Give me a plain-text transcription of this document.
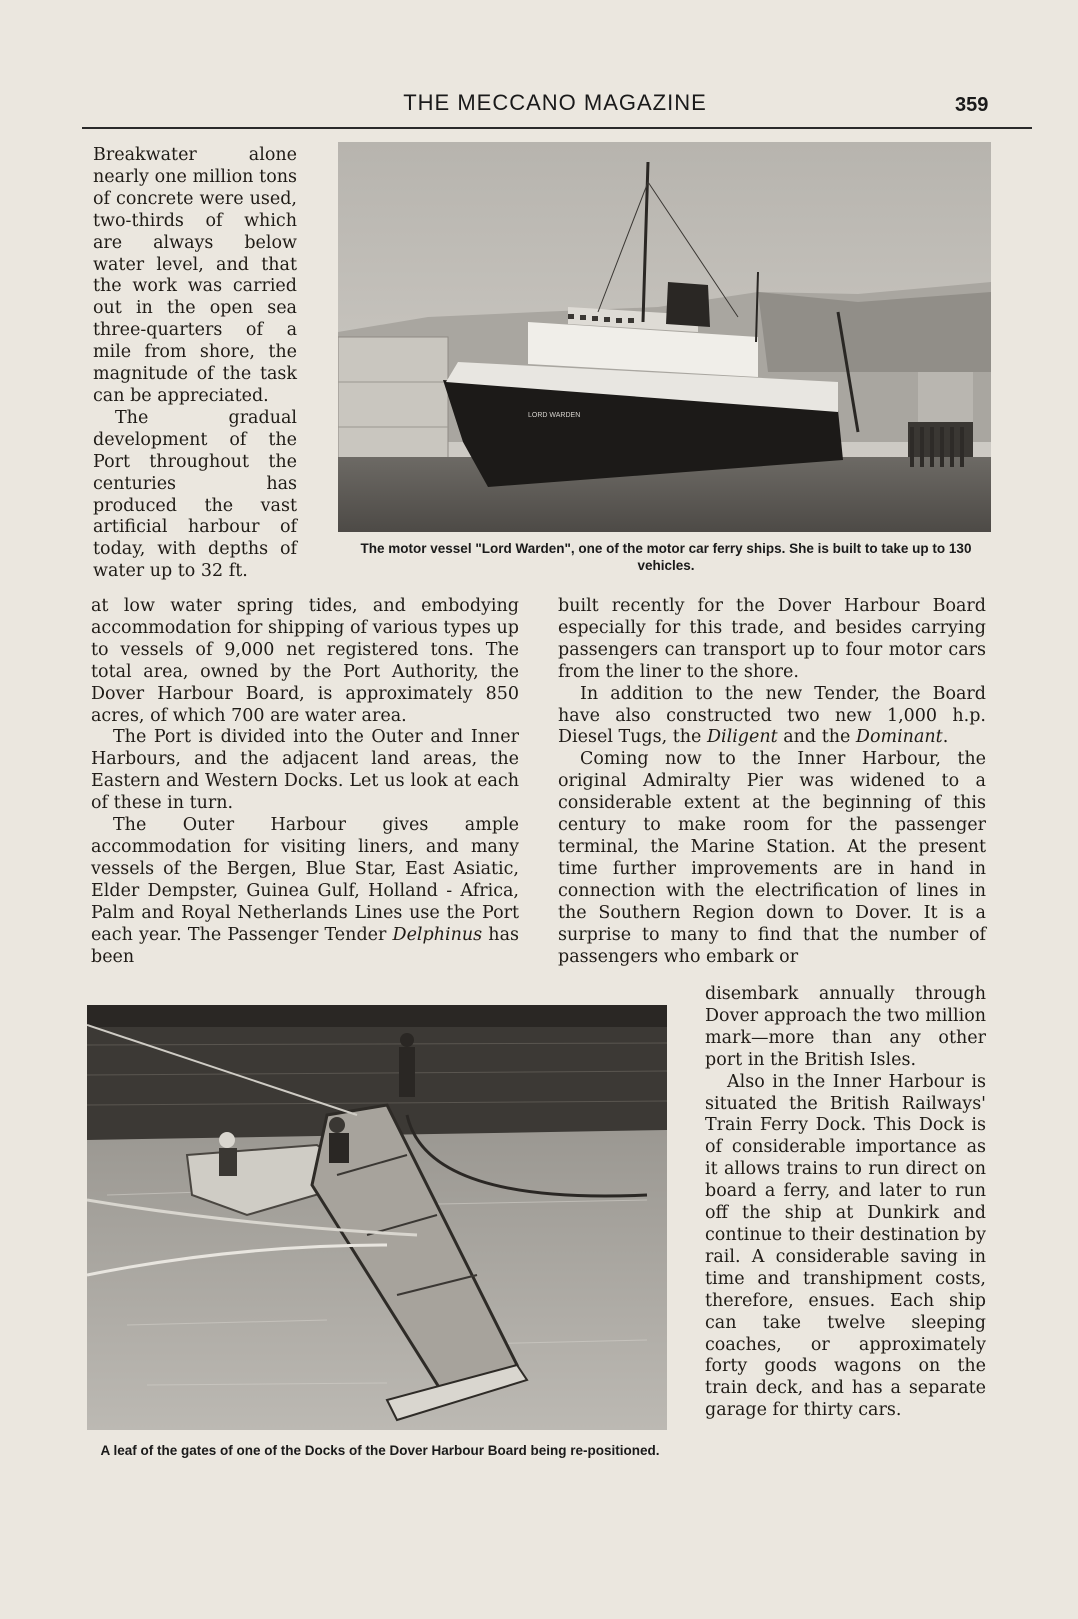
THE MECCANO MAGAZINE	359

Breakwater alone nearly one million tons of concrete were used, two-thirds of which are always below water level, and that the work was carried out in the open sea three-quarters of a mile from shore, the magnitude of the task can be appreciated.

The gradual development of the Port throughout the centuries has produced the vast artificial harbour of today, with depths of water up to 32 ft.

LORD WARDEN
The motor vessel "Lord Warden", one of the motor car ferry ships. She is built to take up to 130 vehicles.

at low water spring tides, and embodying accommodation for shipping of various types up to vessels of 9,000 net registered tons. The total area, owned by the Port Authority, the Dover Harbour Board, is approximately 850 acres, of which 700 are water area.

The Port is divided into the Outer and Inner Harbours, and the adjacent land areas, the Eastern and Western Docks. Let us look at each of these in turn.

The Outer Harbour gives ample accommodation for visiting liners, and many vessels of the Bergen, Blue Star, East Asiatic, Elder Dempster, Guinea Gulf, Holland - Africa, Palm and Royal Netherlands Lines use the Port each year. The Passenger Tender Delphinus has been

built recently for the Dover Harbour Board especially for this trade, and besides carrying passengers can transport up to four motor cars from the liner to the shore.

In addition to the new Tender, the Board have also constructed two new 1,000 h.p. Diesel Tugs, the Diligent and the Dominant.

Coming now to the Inner Harbour, the original Admiralty Pier was widened to a considerable extent at the beginning of this century to make room for the passenger terminal, the Marine Station. At the present time further improvements are in hand in connection with the electrification of lines in the Southern Region down to Dover. It is a surprise to many to find that the number of passengers who embark or

A leaf of the gates of one of the Docks of the Dover Harbour Board being re-positioned.

disembark annually through Dover approach the two million mark—more than any other port in the British Isles.

Also in the Inner Harbour is situated the British Railways' Train Ferry Dock. This Dock is of considerable importance as it allows trains to run direct on board a ferry, and later to run off the ship at Dunkirk and continue to their destination by rail. A considerable saving in time and transhipment costs, therefore, ensues. Each ship can take twelve sleeping coaches, or approximately forty goods wagons on the train deck, and has a separate garage for thirty cars.
